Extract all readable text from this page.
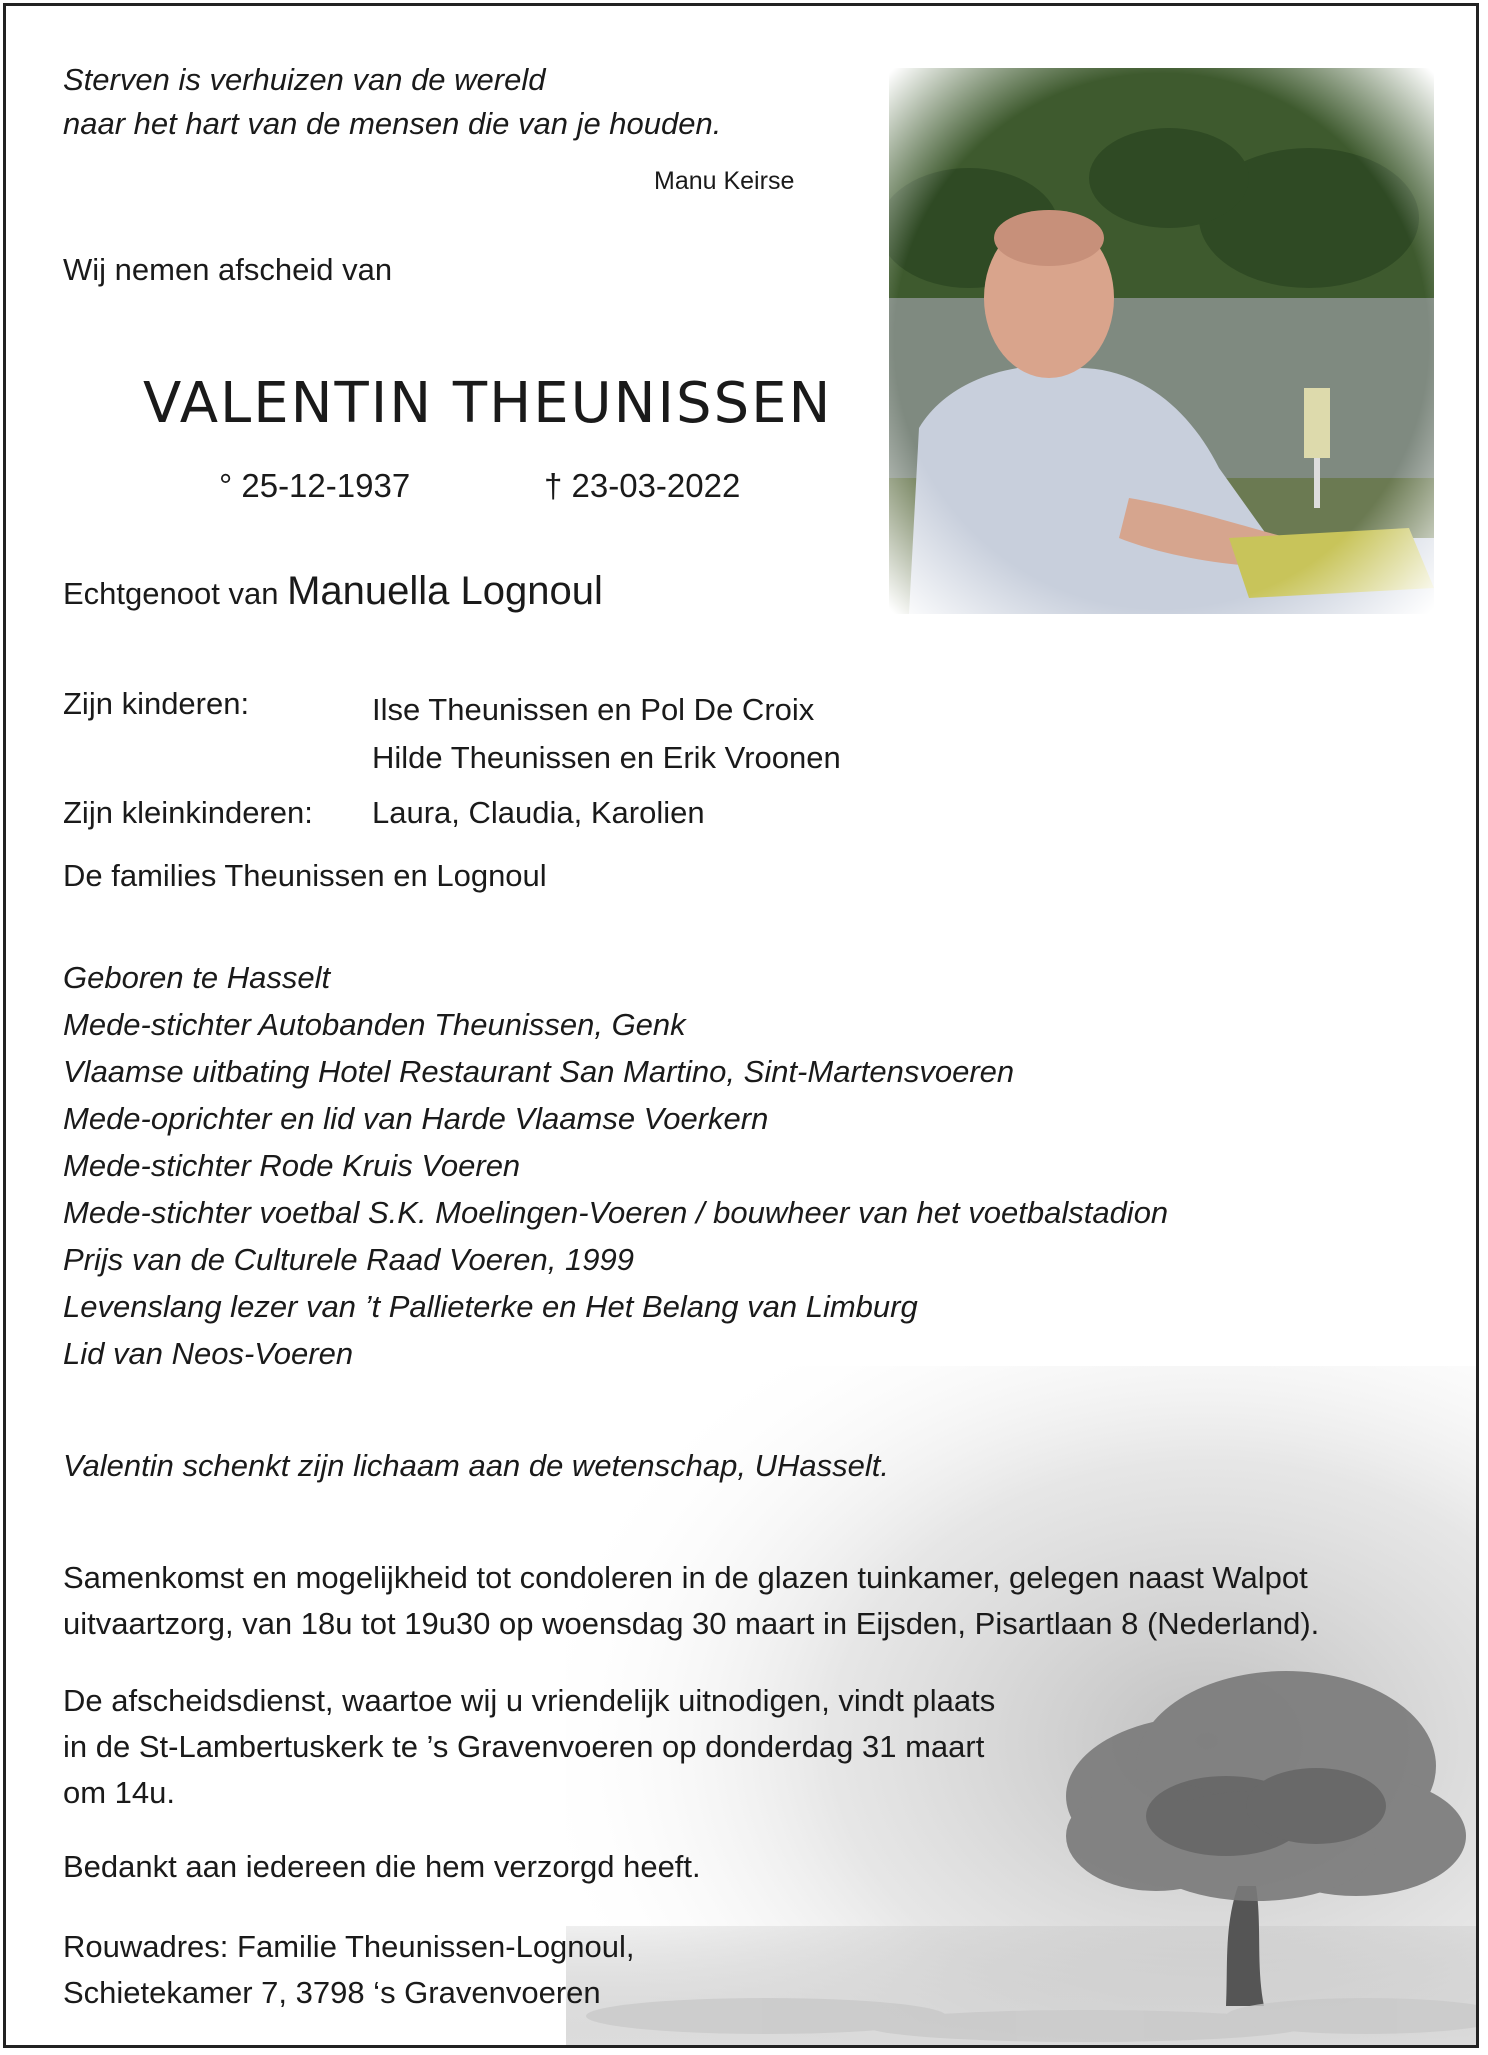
Sterven is verhuizen van de wereld
naar het hart van de mensen die van je houden.

Manu Keirse

Wij nemen afscheid van

VALENTIN THEUNISSEN

° 25-12-1937	† 23-03-2022

Echtgenoot van Manuella Lognoul

Zijn kinderen:	Ilse Theunissen en Pol De Croix
Hilde Theunissen en Erik Vroonen

Zijn kleinkinderen: Laura, Claudia, Karolien

De families Theunissen en Lognoul

Geboren te Hasselt
Mede-stichter Autobanden Theunissen, Genk
Vlaamse uitbating Hotel Restaurant San Martino, Sint-Martensvoeren
Mede-oprichter en lid van Harde Vlaamse Voerkern
Mede-stichter Rode Kruis Voeren
Mede-stichter voetbal S.K. Moelingen-Voeren / bouwheer van het voetbalstadion
Prijs van de Culturele Raad Voeren, 1999
Levenslang lezer van ’t Pallieterke en Het Belang van Limburg
Lid van Neos-Voeren

Valentin schenkt zijn lichaam aan de wetenschap, UHasselt.

Samenkomst en mogelijkheid tot condoleren in de glazen tuinkamer, gelegen naast Walpot
uitvaartzorg, van 18u tot 19u30 op woensdag 30 maart in Eijsden, Pisartlaan 8 (Nederland).

De afscheidsdienst, waartoe wij u vriendelijk uitnodigen, vindt plaats
in de St-Lambertuskerk te ’s Gravenvoeren op donderdag 31 maart
om 14u.

Bedankt aan iedereen die hem verzorgd heeft.

Rouwadres: Familie Theunissen-Lognoul,
Schietekamer 7, 3798 ‘s Gravenvoeren
